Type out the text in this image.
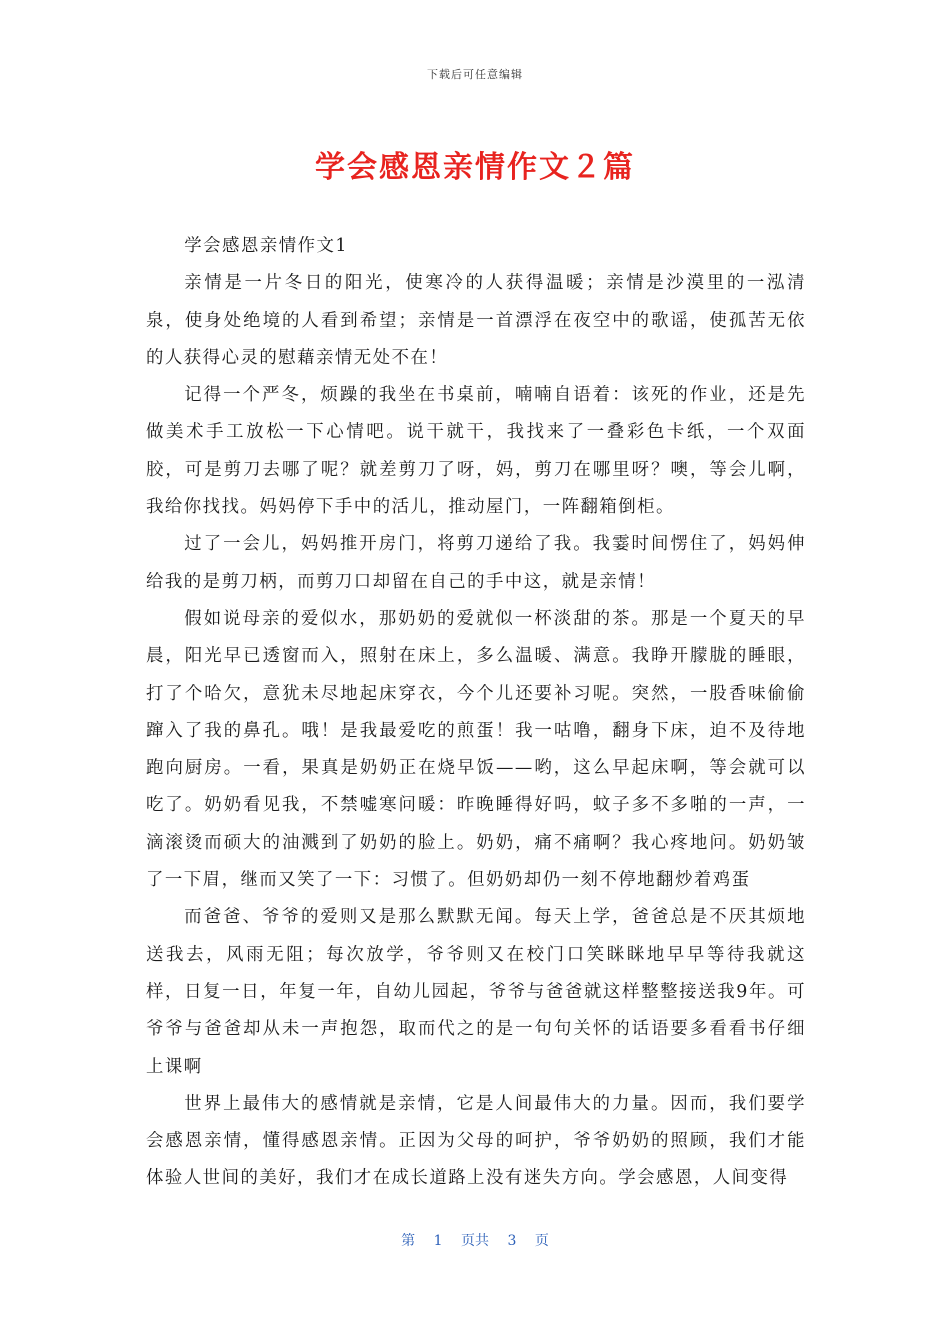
下载后可任意编辑
学会感恩亲情作文２篇

学会感恩亲情作文1

亲情是一片冬日的阳光，使寒冷的人获得温暖；亲情是沙漠里的一泓清泉，使身处绝境的人看到希望；亲情是一首漂浮在夜空中的歌谣，使孤苦无依的人获得心灵的慰藉亲情无处不在！

记得一个严冬，烦躁的我坐在书桌前，喃喃自语着：该死的作业，还是先做美术手工放松一下心情吧。说干就干，我找来了一叠彩色卡纸，一个双面胶，可是剪刀去哪了呢？就差剪刀了呀，妈，剪刀在哪里呀？噢，等会儿啊，我给你找找。妈妈停下手中的活儿，推动屋门，一阵翻箱倒柜。

过了一会儿，妈妈推开房门，将剪刀递给了我。我霎时间愣住了，妈妈伸给我的是剪刀柄，而剪刀口却留在自己的手中这，就是亲情！

假如说母亲的爱似水，那奶奶的爱就似一杯淡甜的茶。那是一个夏天的早晨，阳光早已透窗而入，照射在床上，多么温暖、满意。我睁开朦胧的睡眼，打了个哈欠，意犹未尽地起床穿衣，今个儿还要补习呢。突然，一股香味偷偷蹿入了我的鼻孔。哦！是我最爱吃的煎蛋！我一咕噜，翻身下床，迫不及待地跑向厨房。一看，果真是奶奶正在烧早饭——哟，这么早起床啊，等会就可以吃了。奶奶看见我，不禁嘘寒问暖：昨晚睡得好吗，蚊子多不多啪的一声，一滴滚烫而硕大的油溅到了奶奶的脸上。奶奶，痛不痛啊？我心疼地问。奶奶皱了一下眉，继而又笑了一下：习惯了。但奶奶却仍一刻不停地翻炒着鸡蛋

而爸爸、爷爷的爱则又是那么默默无闻。每天上学，爸爸总是不厌其烦地送我去，风雨无阻；每次放学，爷爷则又在校门口笑眯眯地早早等待我就这样，日复一日，年复一年，自幼儿园起，爷爷与爸爸就这样整整接送我9年。可爷爷与爸爸却从未一声抱怨，取而代之的是一句句关怀的话语要多看看书仔细上课啊

世界上最伟大的感情就是亲情，它是人间最伟大的力量。因而，我们要学会感恩亲情，懂得感恩亲情。正因为父母的呵护，爷爷奶奶的照顾，我们才能体验人世间的美好，我们才在成长道路上没有迷失方向。学会感恩，人间变得

第 1 页共 3 页
